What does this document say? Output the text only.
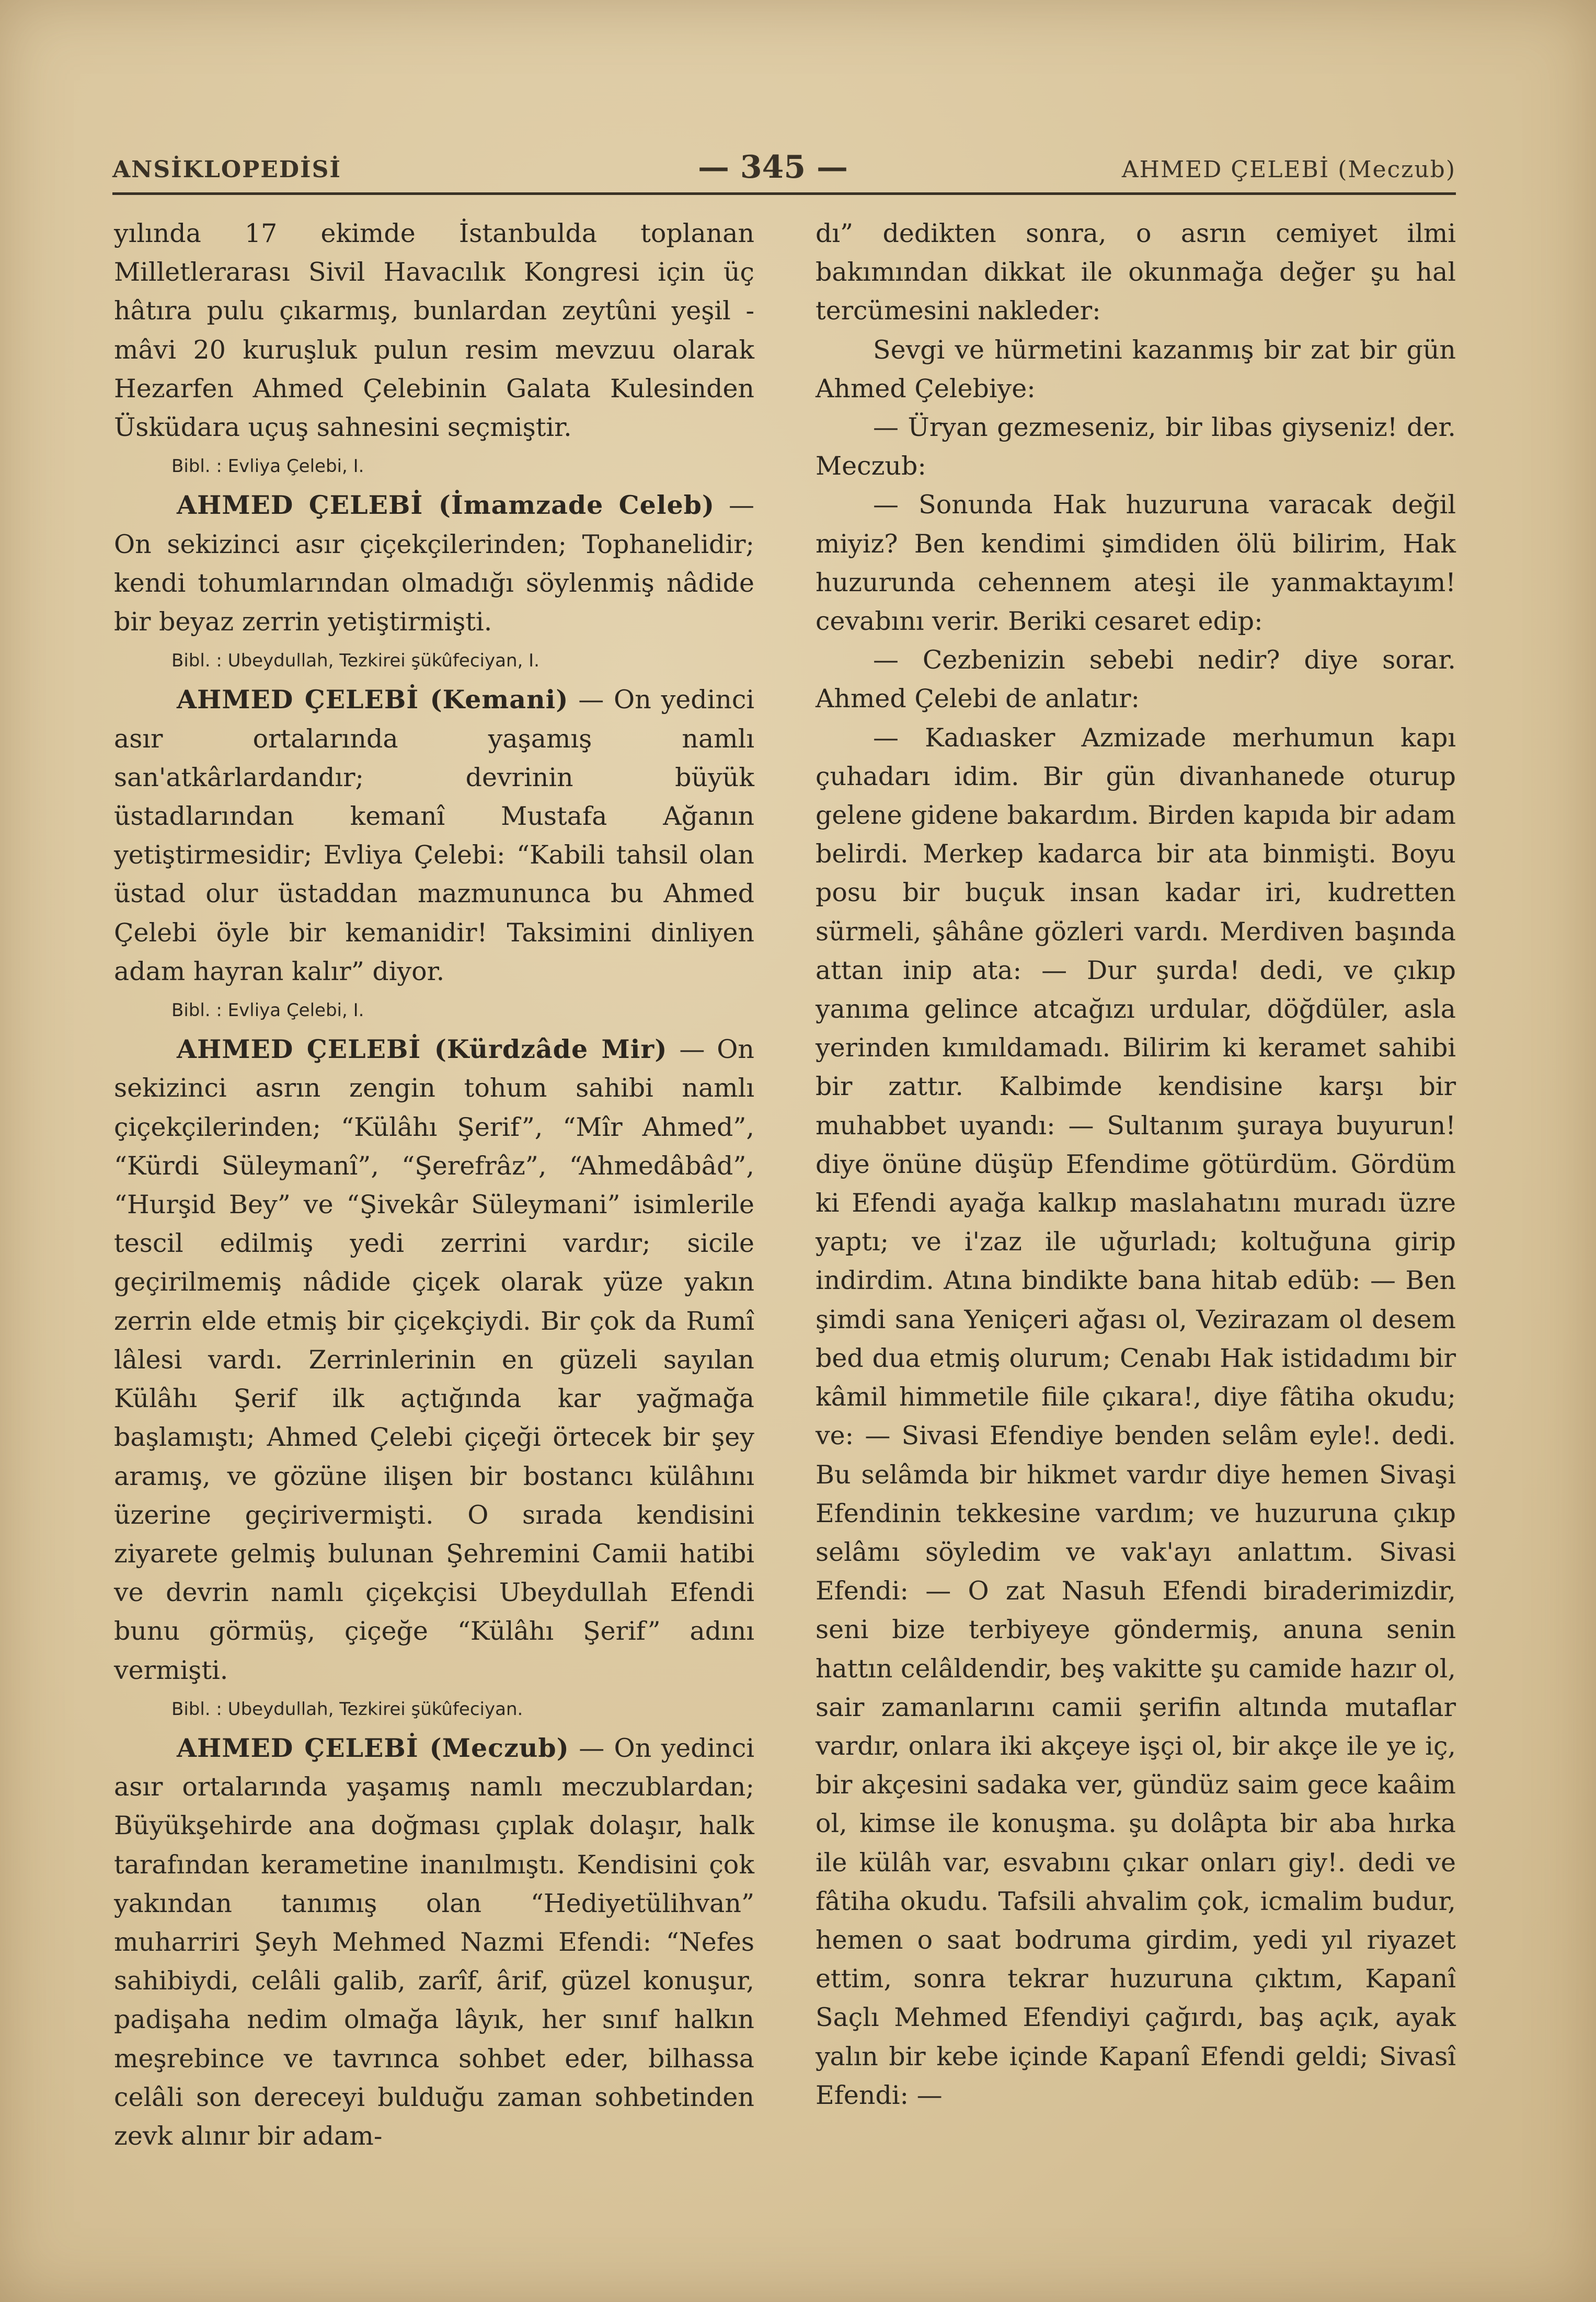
ANSİKLOPEDİSİ	— 345 —	AHMED ÇELEBİ (Meczub)

yılında 17 ekimde İstanbulda toplanan Milletlerarası Sivil Havacılık Kongresi için üç hâtıra pulu çıkarmış, bunlardan zeytûni yeşil - mâvi 20 kuruşluk pulun resim mevzuu olarak Hezarfen Ahmed Çelebinin Galata Kulesinden Üsküdara uçuş sahnesini seçmiştir.

Bibl. : Evliya Çelebi, I.

AHMED ÇELEBİ (İmamzade Celeb) — On sekizinci asır çiçekçilerinden; Tophanelidir; kendi tohumlarından olmadığı söylenmiş nâdide bir beyaz zerrin yetiştirmişti.

Bibl. : Ubeydullah, Tezkirei şükûfeciyan, I.

AHMED ÇELEBİ (Kemani) — On yedinci asır ortalarında yaşamış namlı san'atkârlardandır; devrinin büyük üstadlarından kemanî Mustafa Ağanın yetiştirmesidir; Evliya Çelebi: “Kabili tahsil olan üstad olur üstaddan mazmununca bu Ahmed Çelebi öyle bir kemanidir! Taksimini dinliyen adam hayran kalır” diyor.

Bibl. : Evliya Çelebi, I.

AHMED ÇELEBİ (Kürdzâde Mir) — On sekizinci asrın zengin tohum sahibi namlı çiçekçilerinden; “Külâhı Şerif”, “Mîr Ahmed”, “Kürdi Süleymanî”, “Şerefrâz”, “Ahmedâbâd”, “Hurşid Bey” ve “Şivekâr Süleymani” isimlerile tescil edilmiş yedi zerrini vardır; sicile geçirilmemiş nâdide çiçek olarak yüze yakın zerrin elde etmiş bir çiçekçiydi. Bir çok da Rumî lâlesi vardı. Zerrinlerinin en güzeli sayılan Külâhı Şerif ilk açtığında kar yağmağa başlamıştı; Ahmed Çelebi çiçeği örtecek bir şey aramış, ve gözüne ilişen bir bostancı külâhını üzerine geçirivermişti. O sırada kendisini ziyarete gelmiş bulunan Şehremini Camii hatibi ve devrin namlı çiçekçisi Ubeydullah Efendi bunu görmüş, çiçeğe “Külâhı Şerif” adını vermişti.

Bibl. : Ubeydullah, Tezkirei şükûfeciyan.

AHMED ÇELEBİ (Meczub) — On yedinci asır ortalarında yaşamış namlı meczublardan; Büyükşehirde ana doğması çıplak dolaşır, halk tarafından kerametine inanılmıştı. Kendisini çok yakından tanımış olan “Hediyetülihvan” muharriri Şeyh Mehmed Nazmi Efendi: “Nefes sahibiydi, celâli galib, zarîf, ârif, güzel konuşur, padişaha nedim olmağa lâyık, her sınıf halkın meşrebince ve tavrınca sohbet eder, bilhassa celâli son dereceyi bulduğu zaman sohbetinden zevk alınır bir adam-

dı” dedikten sonra, o asrın cemiyet ilmi bakımından dikkat ile okunmağa değer şu hal tercümesini nakleder:

Sevgi ve hürmetini kazanmış bir zat bir gün Ahmed Çelebiye:

— Üryan gezmeseniz, bir libas giyseniz! der. Meczub:

— Sonunda Hak huzuruna varacak değil miyiz? Ben kendimi şimdiden ölü bilirim, Hak huzurunda cehennem ateşi ile yanmaktayım! cevabını verir. Beriki cesaret edip:

— Cezbenizin sebebi nedir? diye sorar. Ahmed Çelebi de anlatır:

— Kadıasker Azmizade merhumun kapı çuhadarı idim. Bir gün divanhanede oturup gelene gidene bakardım. Birden kapıda bir adam belirdi. Merkep kadarca bir ata binmişti. Boyu posu bir buçuk insan kadar iri, kudretten sürmeli, şâhâne gözleri vardı. Merdiven başında attan inip ata: — Dur şurda! dedi, ve çıkıp yanıma gelince atcağızı urdular, döğdüler, asla yerinden kımıldamadı. Bilirim ki keramet sahibi bir zattır. Kalbimde kendisine karşı bir muhabbet uyandı: — Sultanım şuraya buyurun! diye önüne düşüp Efendime götürdüm. Gördüm ki Efendi ayağa kalkıp maslahatını muradı üzre yaptı; ve i'zaz ile uğurladı; koltuğuna girip indirdim. Atına bindikte bana hitab edüb: — Ben şimdi sana Yeniçeri ağası ol, Vezirazam ol desem bed dua etmiş olurum; Cenabı Hak istidadımı bir kâmil himmetile fiile çıkara!, diye fâtiha okudu; ve: — Sivasi Efendiye benden selâm eyle!. dedi. Bu selâmda bir hikmet vardır diye hemen Sivaşi Efendinin tekkesine vardım; ve huzuruna çıkıp selâmı söyledim ve vak'ayı anlattım. Sivasi Efendi: — O zat Nasuh Efendi biraderimizdir, seni bize terbiyeye göndermiş, anuna senin hattın celâldendir, beş vakitte şu camide hazır ol, sair zamanlarını camii şerifin altında mutaflar vardır, onlara iki akçeye işçi ol, bir akçe ile ye iç, bir akçesini sadaka ver, gündüz saim gece kaâim ol, kimse ile konuşma. şu dolâpta bir aba hırka ile külâh var, esvabını çıkar onları giy!. dedi ve fâtiha okudu. Tafsili ahvalim çok, icmalim budur, hemen o saat bodruma girdim, yedi yıl riyazet ettim, sonra tekrar huzuruna çıktım, Kapanî Saçlı Mehmed Efendiyi çağırdı, baş açık, ayak yalın bir kebe içinde Kapanî Efendi geldi; Sivasî Efendi: —
